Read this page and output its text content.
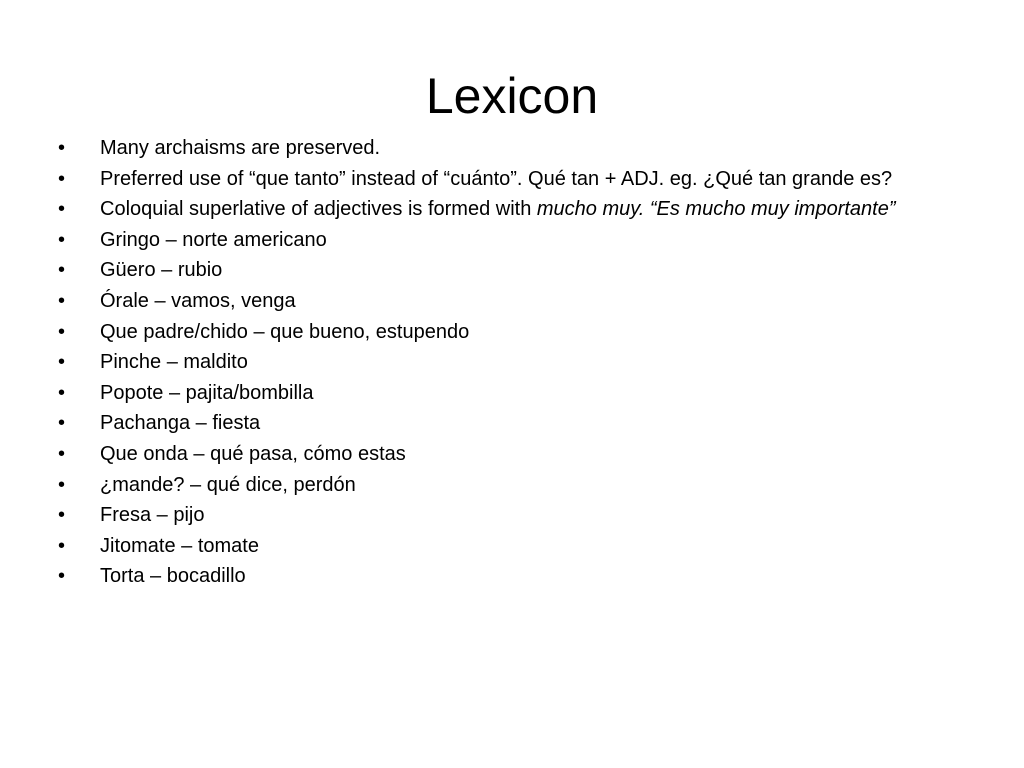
Lexicon
•	Many archaisms are preserved.
•	Preferred use of “que tanto” instead of “cuánto”. Qué tan + ADJ. eg. ¿Qué tan grande es?
•	Coloquial superlative of adjectives is formed with mucho muy. “Es mucho muy importante”
•	Gringo – norte americano
•	Güero – rubio
•	Órale – vamos, venga
•	Que padre/chido – que bueno, estupendo
•	Pinche – maldito
•	Popote – pajita/bombilla
•	Pachanga – fiesta
•	Que onda – qué pasa, cómo estas
•	¿mande? – qué dice, perdón
•	Fresa – pijo
•	Jitomate – tomate
•	Torta – bocadillo
